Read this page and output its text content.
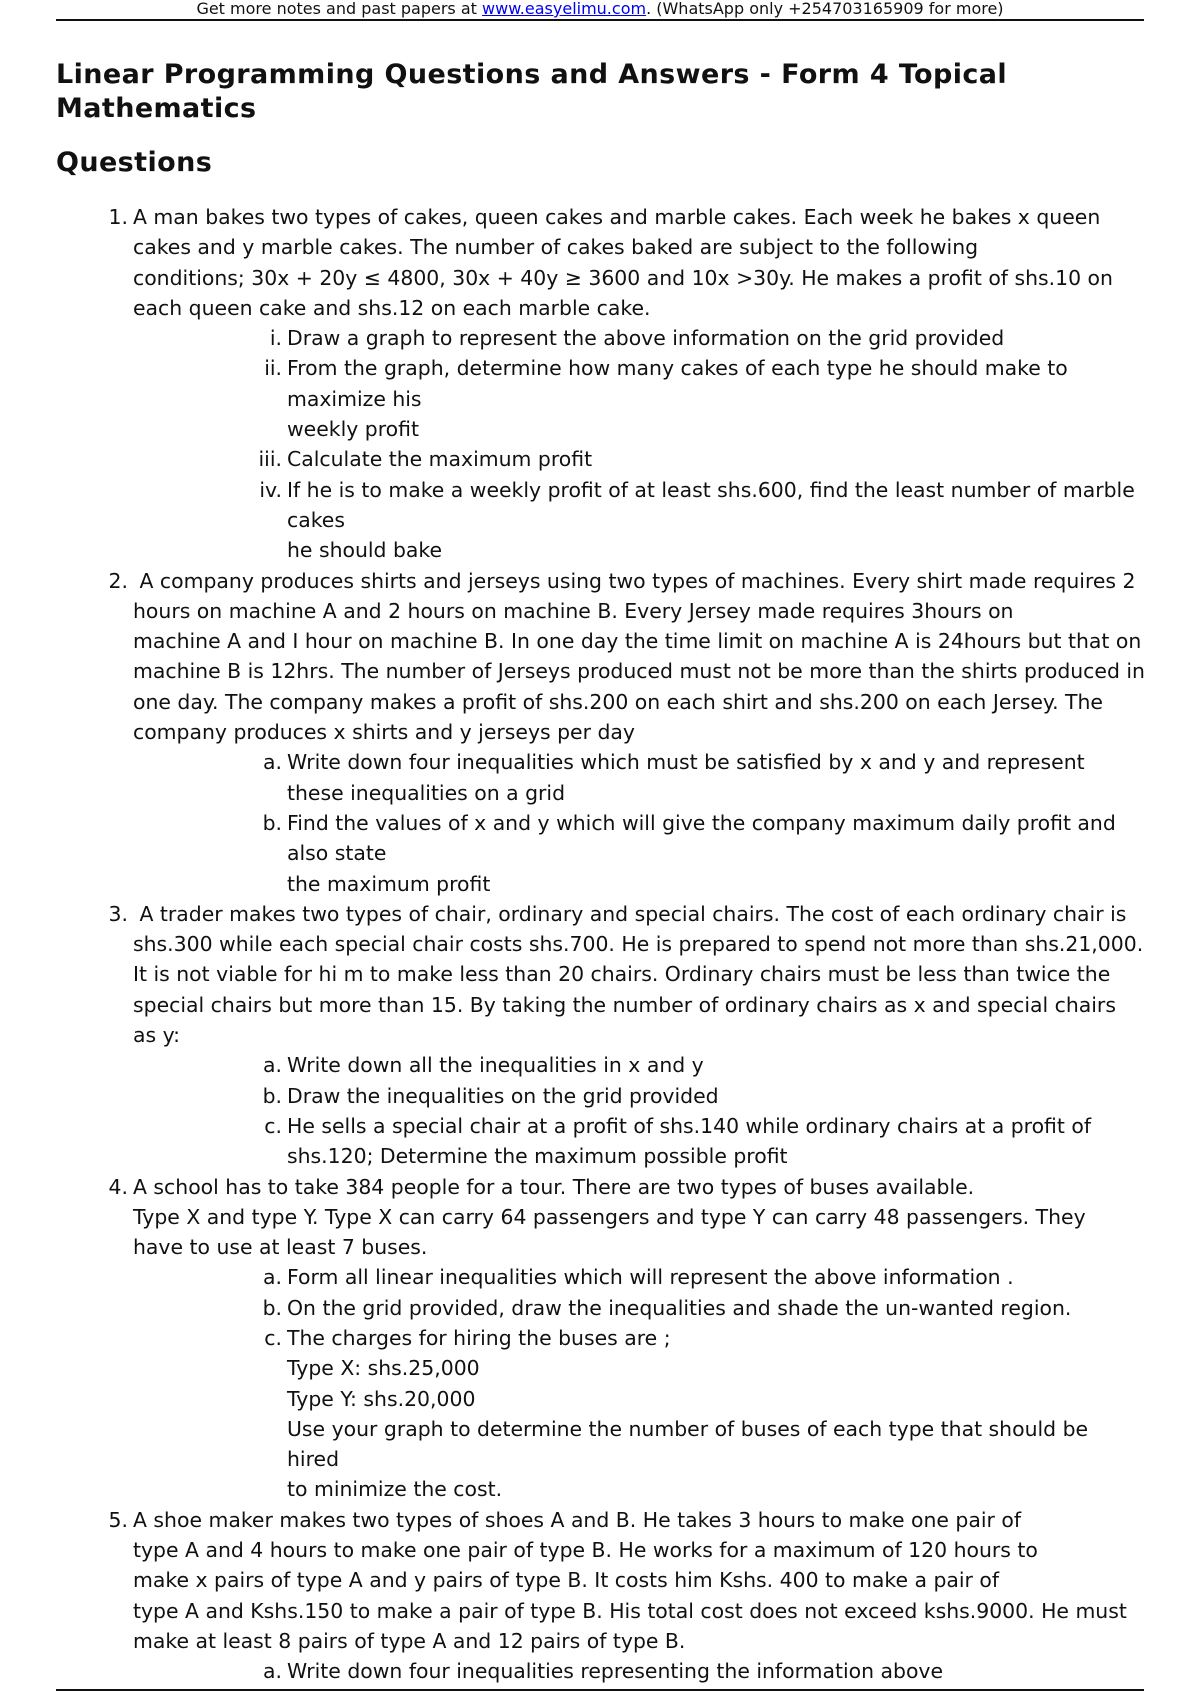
Get more notes and past papers at www.easyelimu.com. (WhatsApp only +254703165909 for more)
Linear Programming Questions and Answers - Form 4 Topical
Mathematics
Questions
1. A man bakes two types of cakes, queen cakes and marble cakes. Each week he bakes x queen
cakes and y marble cakes. The number of cakes baked are subject to the following
conditions; 30x + 20y ≤ 4800, 30x + 40y ≥ 3600 and 10x >30y. He makes a profit of shs.10 on
each queen cake and shs.12 on each marble cake.
i. Draw a graph to represent the above information on the grid provided
ii. From the graph, determine how many cakes of each type he should make to maximize his
weekly profit
iii. Calculate the maximum profit
iv. If he is to make a weekly profit of at least shs.600, find the least number of marble cakes
he should bake
2. A company produces shirts and jerseys using two types of machines. Every shirt made requires 2
hours on machine A and 2 hours on machine B. Every Jersey made requires 3hours on
machine A and I hour on machine B. In one day the time limit on machine A is 24hours but that on
machine B is 12hrs. The number of Jerseys produced must not be more than the shirts produced in
one day. The company makes a profit of shs.200 on each shirt and shs.200 on each Jersey. The
company produces x shirts and y jerseys per day
a. Write down four inequalities which must be satisfied by x and y and represent
these inequalities on a grid
b. Find the values of x and y which will give the company maximum daily profit and also state
the maximum profit
3. A trader makes two types of chair, ordinary and special chairs. The cost of each ordinary chair is
shs.300 while each special chair costs shs.700. He is prepared to spend not more than shs.21,000.
It is not viable for hi m to make less than 20 chairs. Ordinary chairs must be less than twice the
special chairs but more than 15. By taking the number of ordinary chairs as x and special chairs
as y:
a. Write down all the inequalities in x and y
b. Draw the inequalities on the grid provided
c. He sells a special chair at a profit of shs.140 while ordinary chairs at a profit of
shs.120; Determine the maximum possible profit
4. A school has to take 384 people for a tour. There are two types of buses available.
Type X and type Y. Type X can carry 64 passengers and type Y can carry 48 passengers. They
have to use at least 7 buses.
a. Form all linear inequalities which will represent the above information .
b. On the grid provided, draw the inequalities and shade the un-wanted region.
c. The charges for hiring the buses are ;
Type X: shs.25,000
Type Y: shs.20,000
Use your graph to determine the number of buses of each type that should be hired
to minimize the cost.
5. A shoe maker makes two types of shoes A and B. He takes 3 hours to make one pair of
type A and 4 hours to make one pair of type B. He works for a maximum of 120 hours to
make x pairs of type A and y pairs of type B. It costs him Kshs. 400 to make a pair of
type A and Kshs.150 to make a pair of type B. His total cost does not exceed kshs.9000. He must
make at least 8 pairs of type A and 12 pairs of type B.
a. Write down four inequalities representing the information above
